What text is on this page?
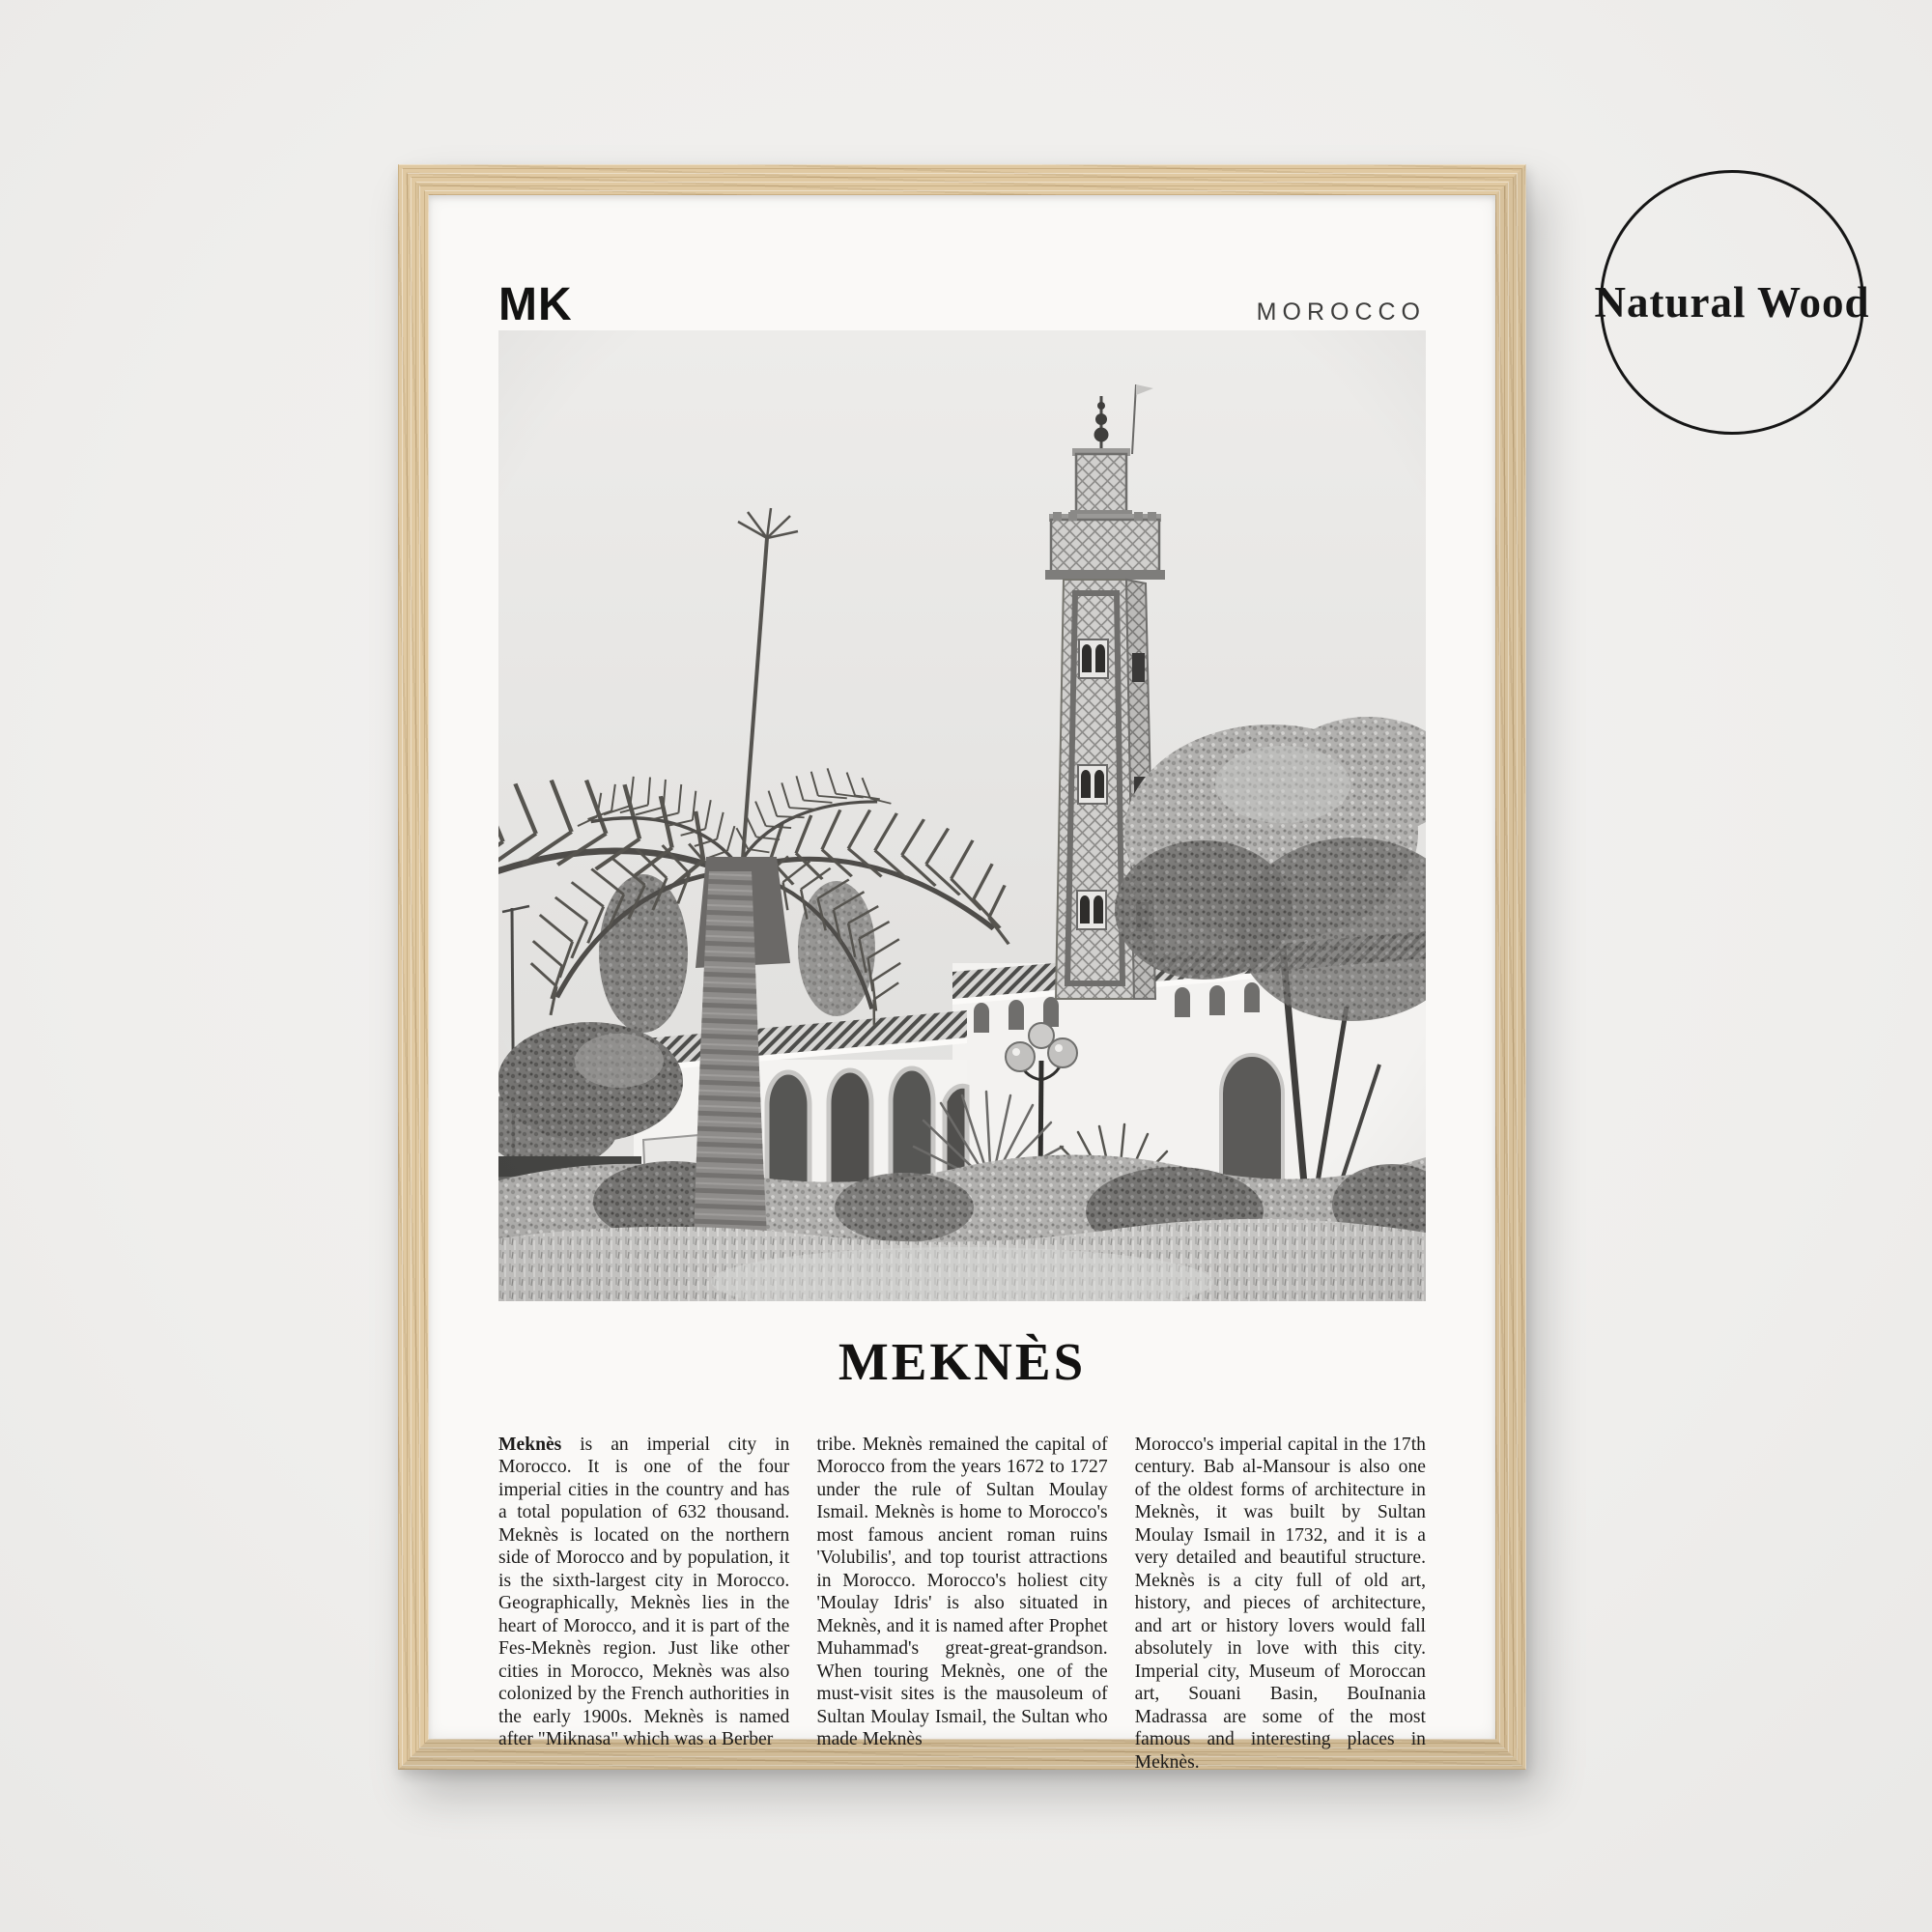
Natural Wood
MK	MOROCCO
MEKNÈS

Meknès is an imperial city in Morocco. It is one of the four imperial cities in the country and has a total population of 632 thousand. Meknès is located on the northern side of Morocco and by population, it is the sixth-largest city in Morocco. Geographically, Meknès lies in the heart of Morocco, and it is part of the Fes-Meknès region. Just like other cities in Morocco, Meknès was also colonized by the French authorities in the early 1900s. Meknès is named after "Miknasa" which was a Berber

tribe. Meknès remained the capital of Morocco from the years 1672 to 1727 under the rule of Sultan Moulay Ismail. Meknès is home to Morocco's most famous ancient roman ruins 'Volubilis', and top tourist attractions in Morocco. Morocco's holiest city 'Moulay Idris' is also situated in Meknès, and it is named after Prophet Muhammad's great-great-grandson. When touring Meknès, one of the must-visit sites is the mausoleum of Sultan Moulay Ismail, the Sultan who made Meknès

Morocco's imperial capital in the 17th century. Bab al-Mansour is also one of the oldest forms of architecture in Meknès, it was built by Sultan Moulay Ismail in 1732, and it is a very detailed and beautiful structure. Meknès is a city full of old art, history, and pieces of architecture, and art or history lovers would fall absolutely in love with this city. Imperial city, Museum of Moroccan art, Souani Basin, BouInania Madrassa are some of the most famous and interesting places in Meknès.
